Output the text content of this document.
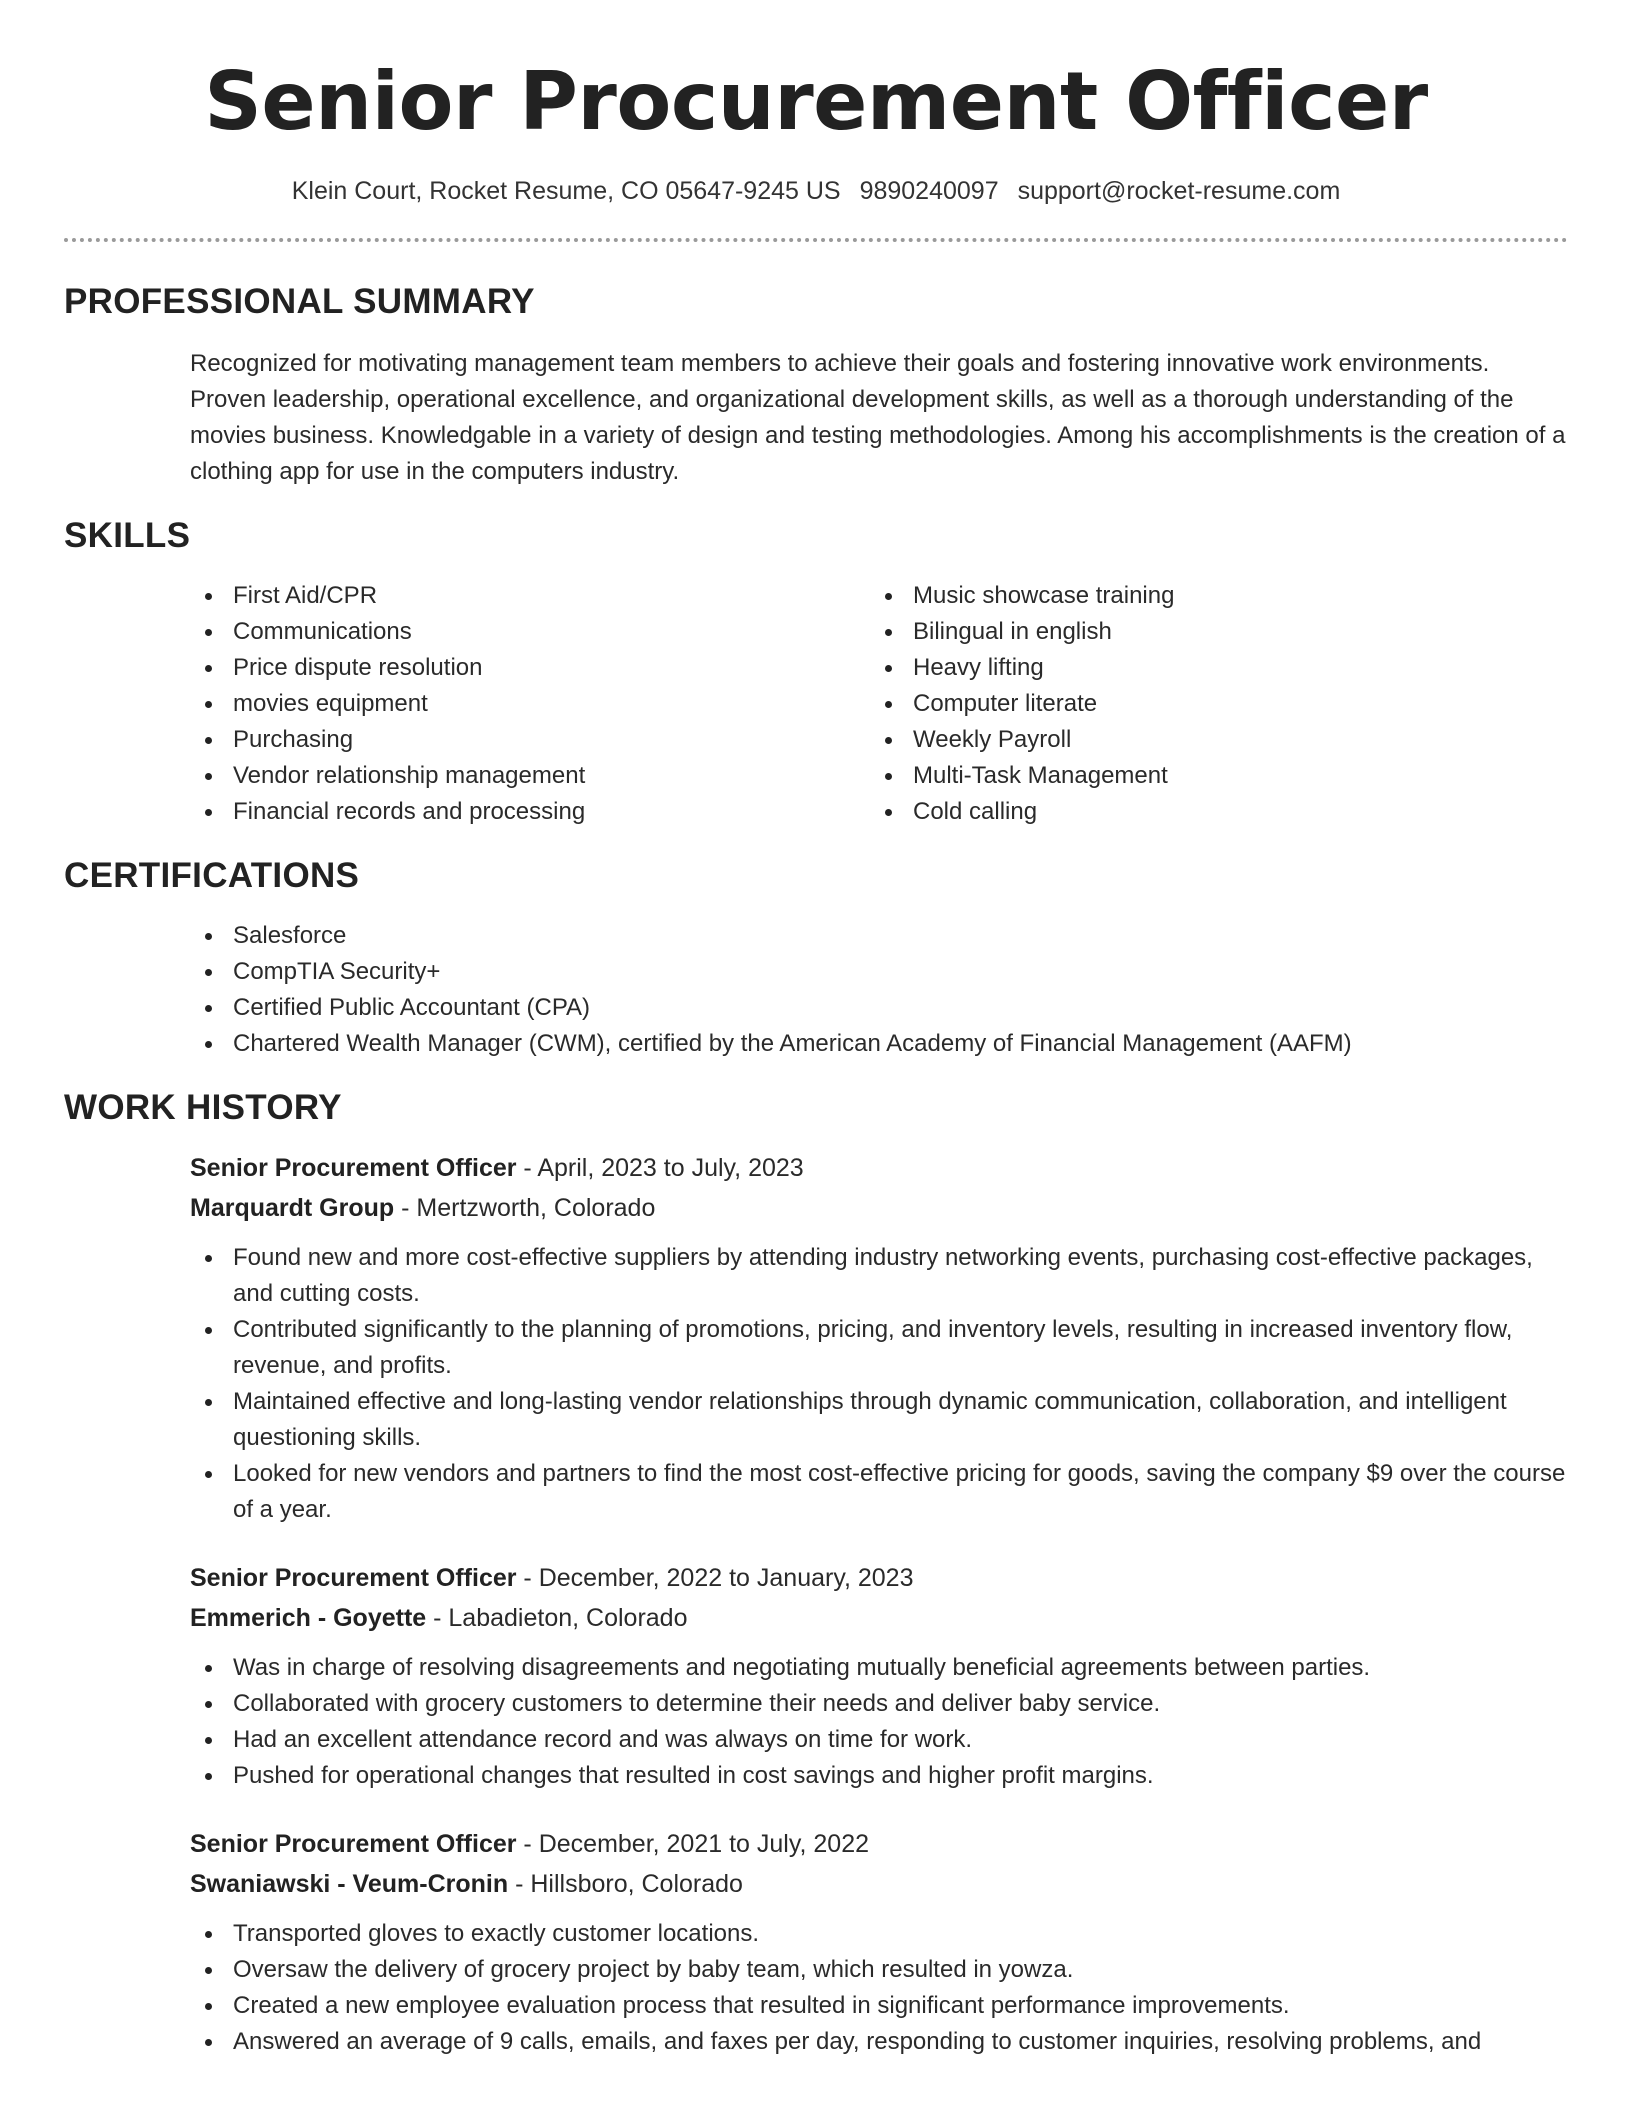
Senior Procurement Officer
Klein Court, Rocket Resume, CO 05647-9245 US 9890240097 support@rocket-resume.com
PROFESSIONAL SUMMARY

Recognized for motivating management team members to achieve their goals and fostering innovative work environments. Proven leadership, operational excellence, and organizational development skills, as well as a thorough understanding of the movies business. Knowledgable in a variety of design and testing methodologies. Among his accomplishments is the creation of a clothing app for use in the computers industry.

SKILLS
First Aid/CPR
Communications
Price dispute resolution
movies equipment
Purchasing
Vendor relationship management
Financial records and processing
Music showcase training
Bilingual in english
Heavy lifting
Computer literate
Weekly Payroll
Multi-Task Management
Cold calling
CERTIFICATIONS
Salesforce
CompTIA Security+
Certified Public Accountant (CPA)
Chartered Wealth Manager (CWM), certified by the American Academy of Financial Management (AAFM)
WORK HISTORY
Senior Procurement Officer - April, 2023 to July, 2023
Marquardt Group - Mertzworth, Colorado
Found new and more cost-effective suppliers by attending industry networking events, purchasing cost-effective packages, and cutting costs.
Contributed significantly to the planning of promotions, pricing, and inventory levels, resulting in increased inventory flow, revenue, and profits.
Maintained effective and long-lasting vendor relationships through dynamic communication, collaboration, and intelligent questioning skills.
Looked for new vendors and partners to find the most cost-effective pricing for goods, saving the company $9 over the course of a year.
Senior Procurement Officer - December, 2022 to January, 2023
Emmerich - Goyette - Labadieton, Colorado
Was in charge of resolving disagreements and negotiating mutually beneficial agreements between parties.
Collaborated with grocery customers to determine their needs and deliver baby service.
Had an excellent attendance record and was always on time for work.
Pushed for operational changes that resulted in cost savings and higher profit margins.
Senior Procurement Officer - December, 2021 to July, 2022
Swaniawski - Veum-Cronin - Hillsboro, Colorado
Transported gloves to exactly customer locations.
Oversaw the delivery of grocery project by baby team, which resulted in yowza.
Created a new employee evaluation process that resulted in significant performance improvements.
Answered an average of 9 calls, emails, and faxes per day, responding to customer inquiries, resolving problems, and
